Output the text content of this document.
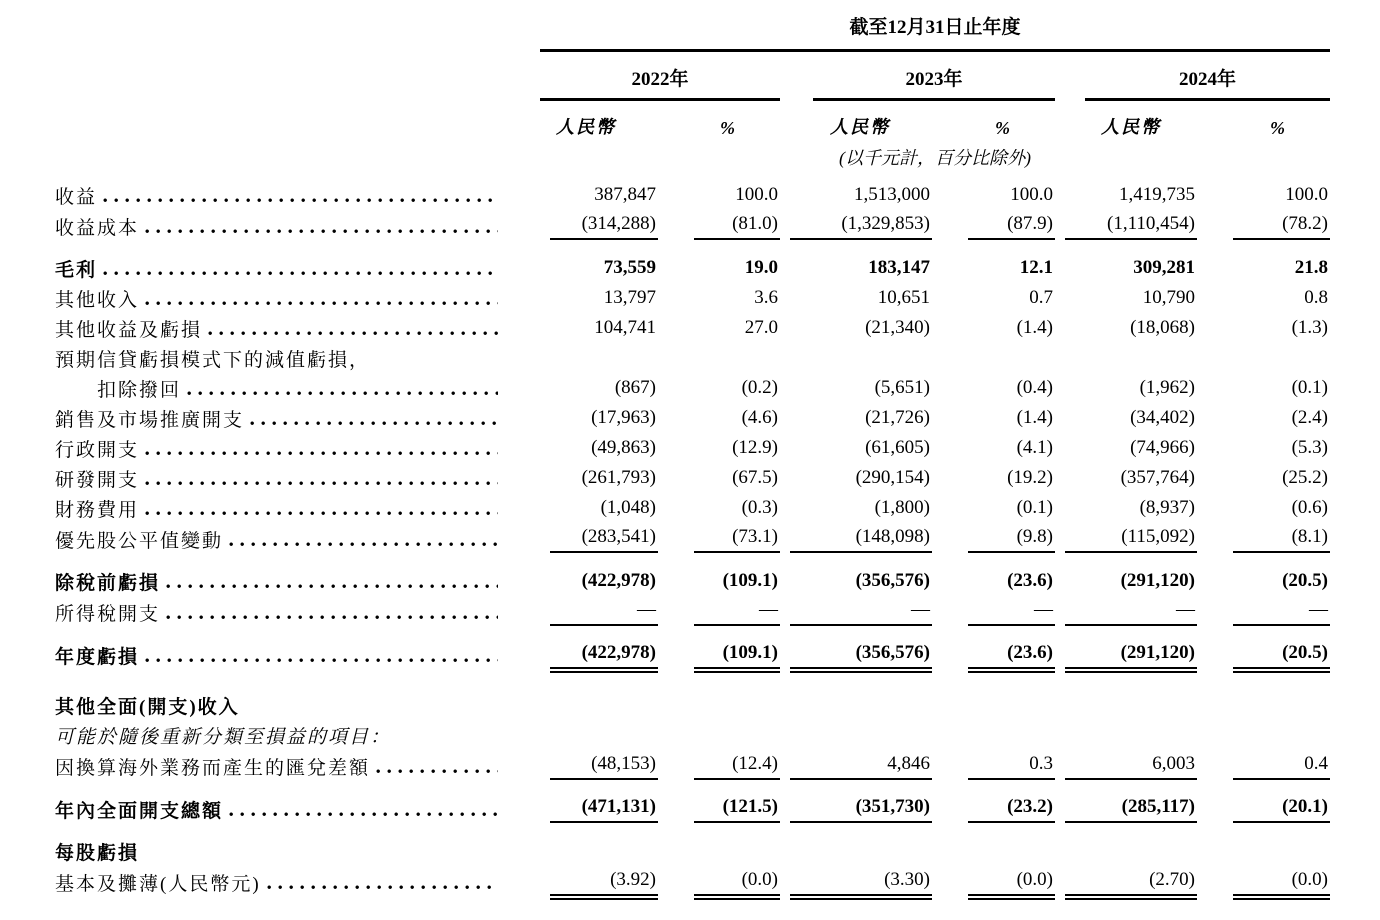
	截至12月31日止年度					

	2022年		2023年		2024年	

	人民幣	%	人民幣	%	人民幣	%
	(以千元計，百分比除外)					

收益	387,847	100.0	1,513,000	100.0	1,419,735	100.0

收益成本	(314,288)	(81.0)	(1,329,853)	(87.9)	(1,110,454)	(78.2)

毛利	73,559	19.0	183,147	12.1	309,281	21.8

其他收入	13,797	3.6	10,651	0.7	10,790	0.8

其他收益及虧損	104,741	27.0	(21,340)	(1.4)	(18,068)	(1.3)

預期信貸虧損模式下的減值虧損，						

扣除撥回	(867)	(0.2)	(5,651)	(0.4)	(1,962)	(0.1)

銷售及市場推廣開支	(17,963)	(4.6)	(21,726)	(1.4)	(34,402)	(2.4)

行政開支	(49,863)	(12.9)	(61,605)	(4.1)	(74,966)	(5.3)

研發開支	(261,793)	(67.5)	(290,154)	(19.2)	(357,764)	(25.2)

財務費用	(1,048)	(0.3)	(1,800)	(0.1)	(8,937)	(0.6)

優先股公平值變動	(283,541)	(73.1)	(148,098)	(9.8)	(115,092)	(8.1)

除稅前虧損	(422,978)	(109.1)	(356,576)	(23.6)	(291,120)	(20.5)

所得稅開支	—	—	—	—	—	—

年度虧損	(422,978)	(109.1)	(356,576)	(23.6)	(291,120)	(20.5)

其他全面(開支)收入						

可能於隨後重新分類至損益的項目：						

因換算海外業務而產生的匯兌差額	(48,153)	(12.4)	4,846	0.3	6,003	0.4

年內全面開支總額	(471,131)	(121.5)	(351,730)	(23.2)	(285,117)	(20.1)

每股虧損						

基本及攤薄(人民幣元)	(3.92)	(0.0)	(3.30)	(0.0)	(2.70)	(0.0)
